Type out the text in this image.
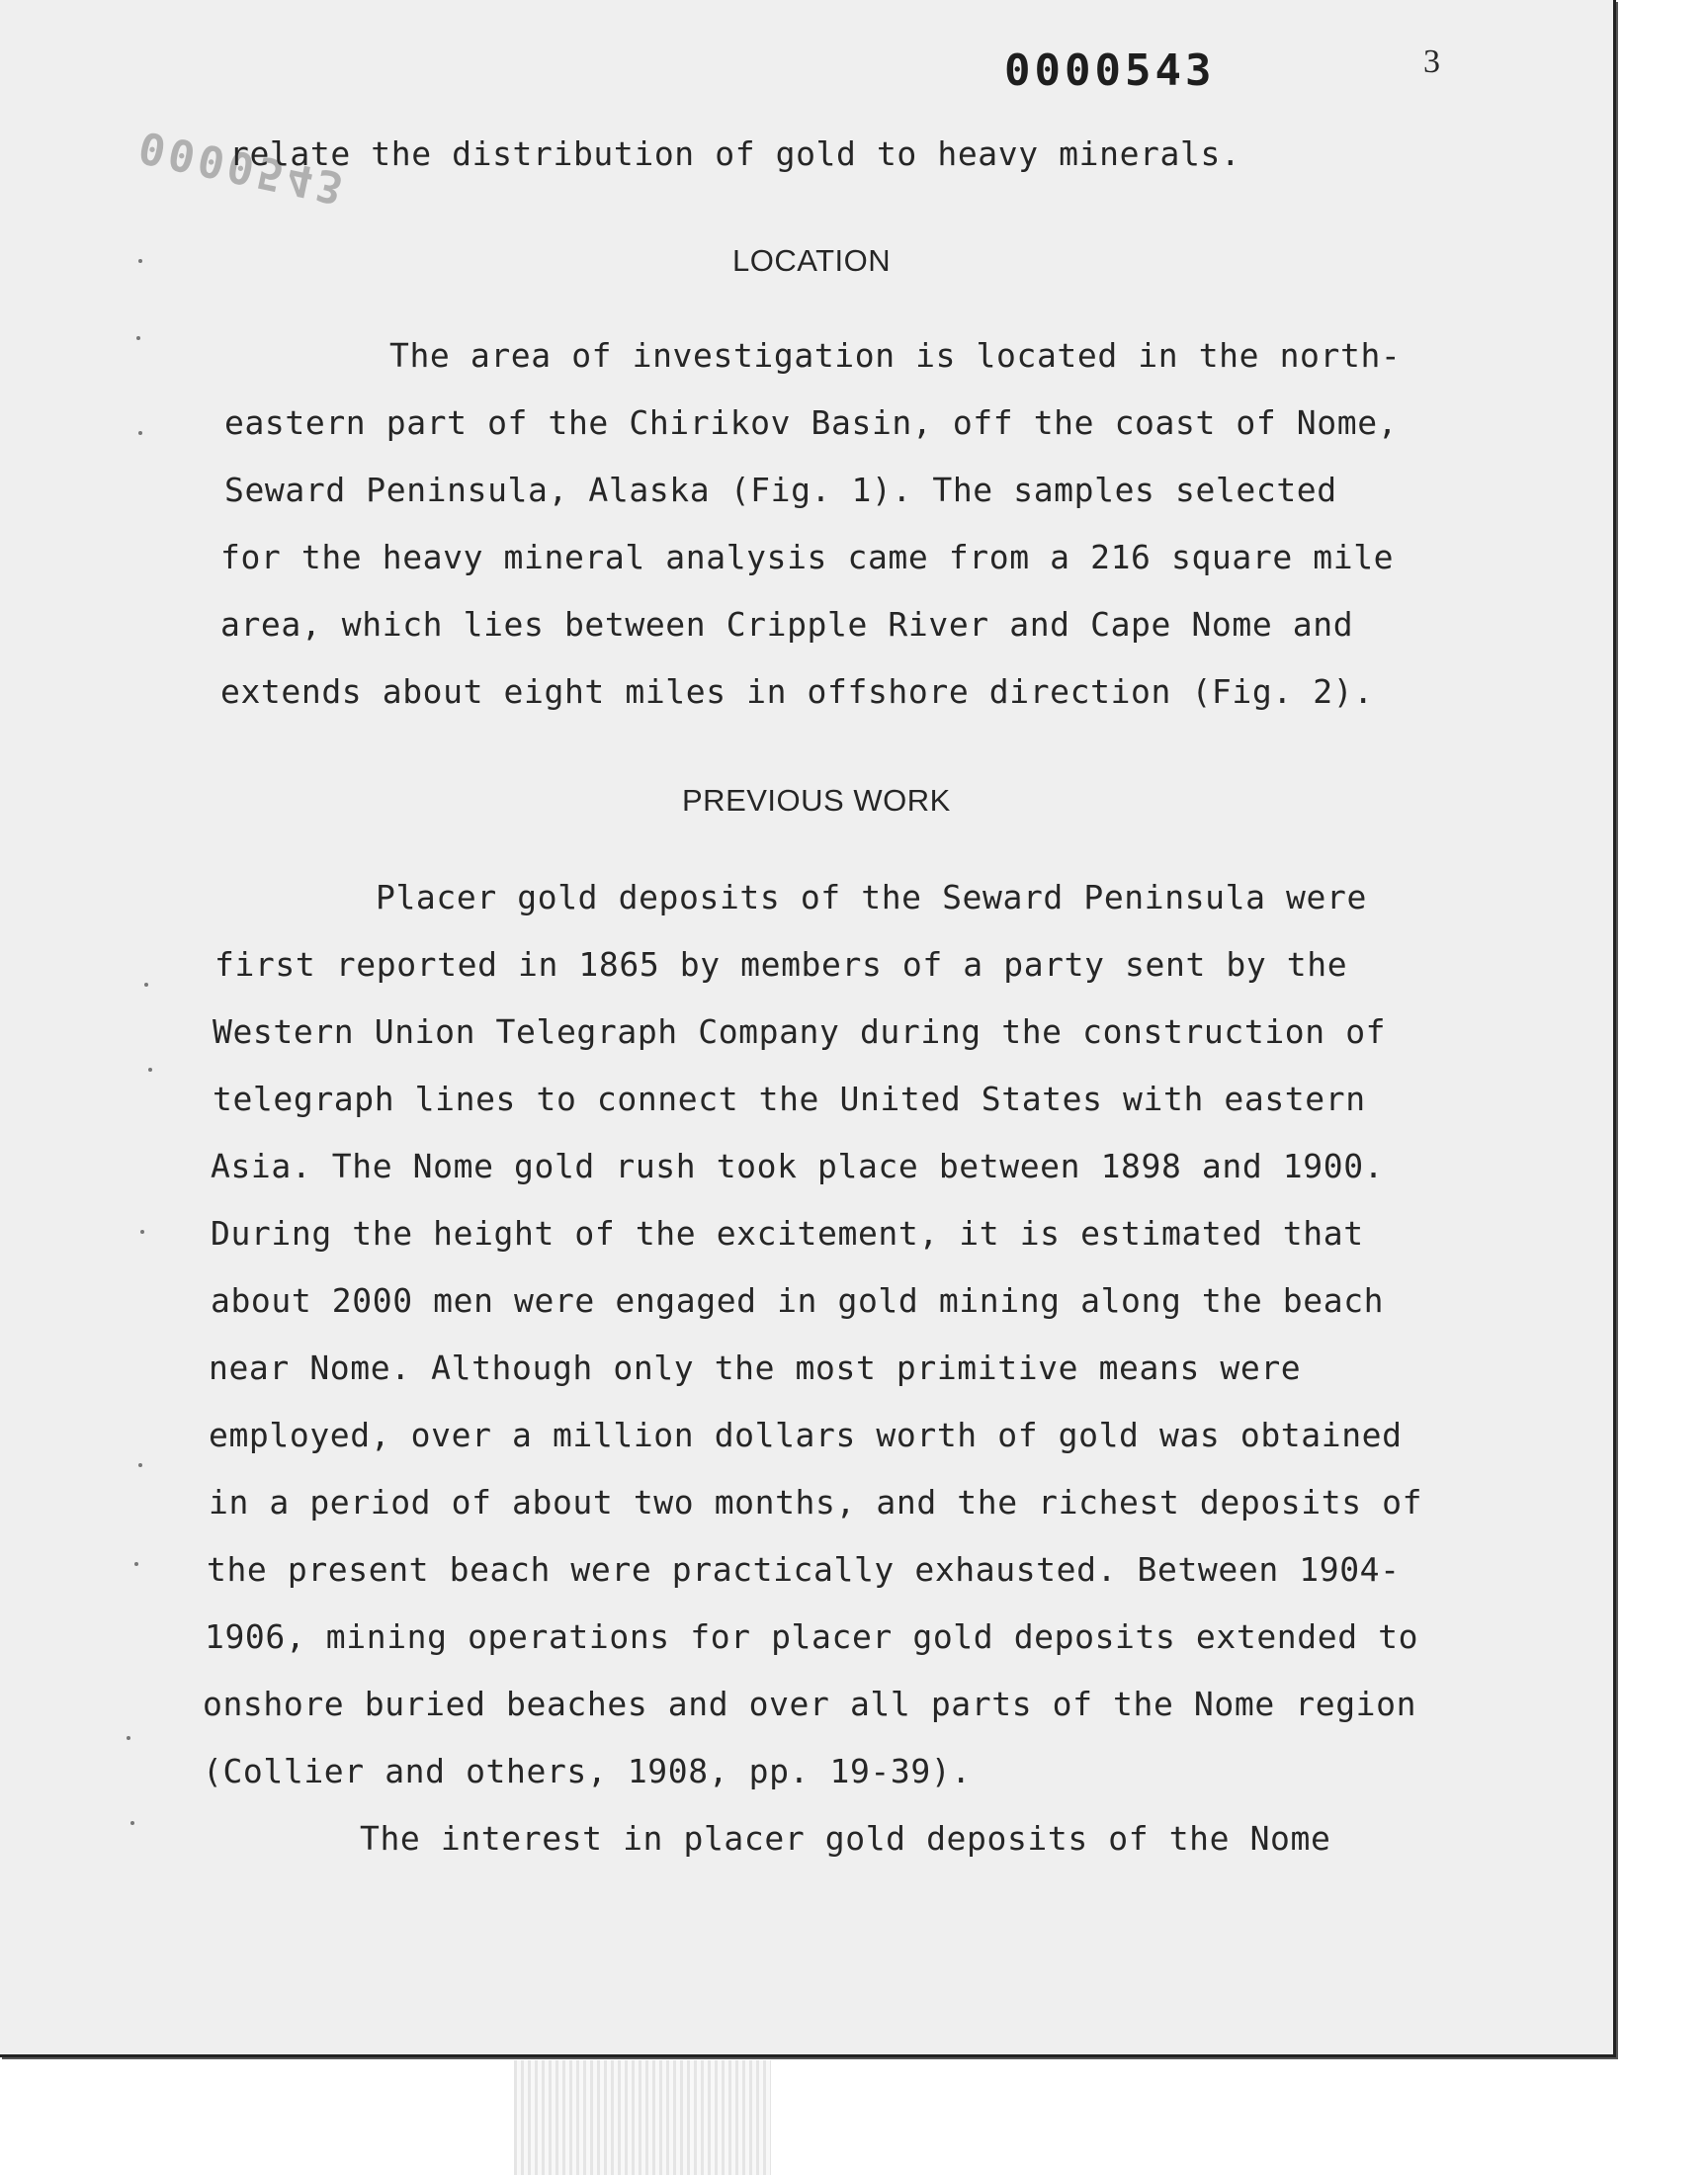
0000543
0000543
3

relate the distribution of gold to heavy minerals.

LOCATION

The area of investigation is located in the north-

eastern part of the Chirikov Basin, off the coast of Nome,

Seward Peninsula, Alaska (Fig. 1). The samples selected

for the heavy mineral analysis came from a 216 square mile

area, which lies between Cripple River and Cape Nome and

extends about eight miles in offshore direction (Fig. 2).

PREVIOUS WORK

Placer gold deposits of the Seward Peninsula were

first reported in 1865 by members of a party sent by the

Western Union Telegraph Company during the construction of

telegraph lines to connect the United States with eastern

Asia. The Nome gold rush took place between 1898 and 1900.

During the height of the excitement, it is estimated that

about 2000 men were engaged in gold mining along the beach

near Nome. Although only the most primitive means were

employed, over a million dollars worth of gold was obtained

in a period of about two months, and the richest deposits of

the present beach were practically exhausted. Between 1904-

1906, mining operations for placer gold deposits extended to

onshore buried beaches and over all parts of the Nome region

(Collier and others, 1908, pp. 19-39).

The interest in placer gold deposits of the Nome
